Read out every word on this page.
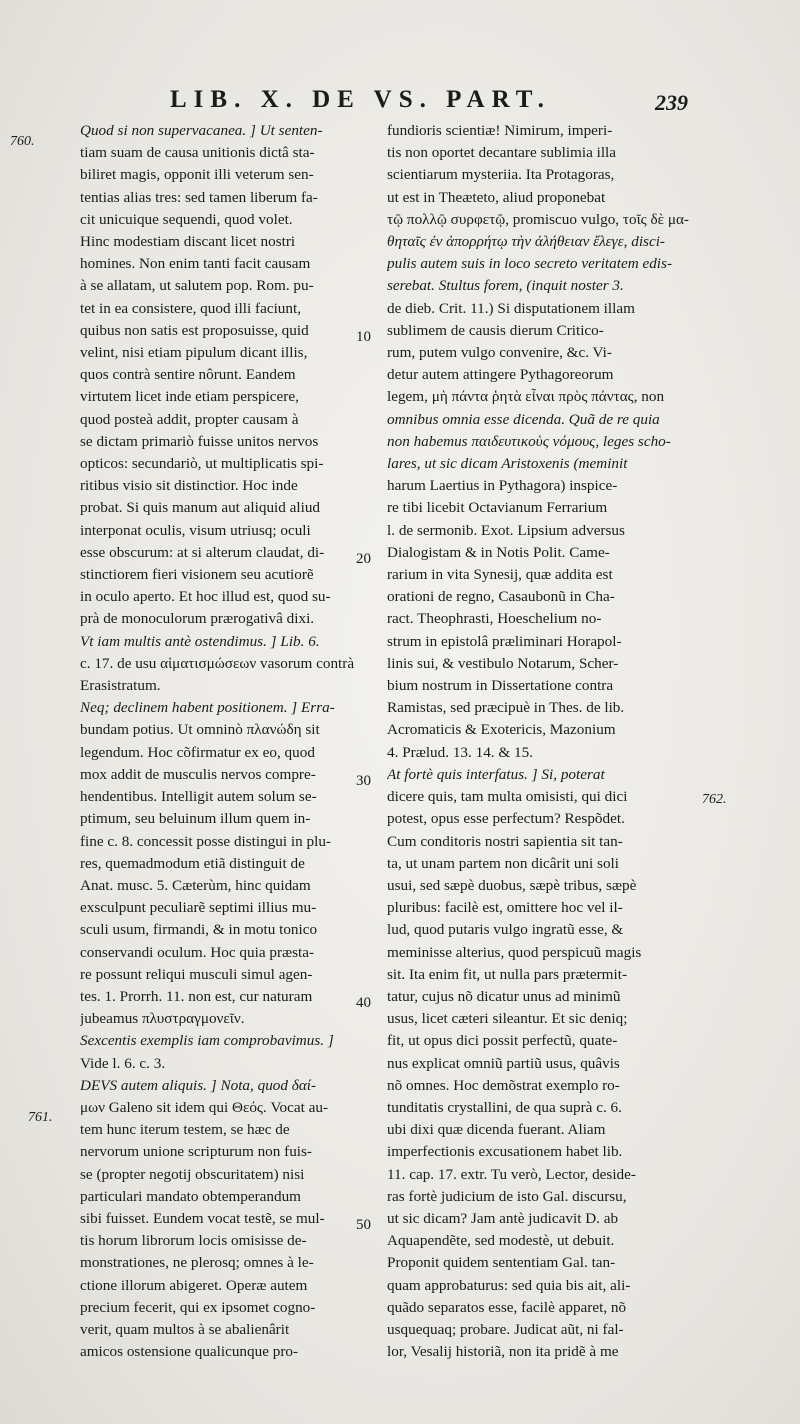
LIB. X. DE VS. PART.	239
760.
761.
762.
10
20
30
40
50
Quod si non supervacanea. ] Ut senten-
tiam suam de causa unitionis dictâ sta-
biliret magis, opponit illi veterum sen-
tentias alias tres: sed tamen liberum fa-
cit unicuique sequendi, quod volet.
Hinc modestiam discant licet nostri
homines. Non enim tanti facit causam
à se allatam, ut salutem pop. Rom. pu-
tet in ea consistere, quod illi faciunt,
quibus non satis est proposuisse, quid
velint, nisi etiam pipulum dicant illis,
quos contrà sentire nôrunt. Eandem
virtutem licet inde etiam perspicere,
quod posteà addit, propter causam à
se dictam primariò fuisse unitos nervos
opticos: secundariò, ut multiplicatis spi-
ritibus visio sit distinctior. Hoc inde
probat. Si quis manum aut aliquid aliud
interponat oculis, visum utriusq; oculi
esse obscurum: at si alterum claudat, di-
stinctiorem fieri visionem seu acutiorẽ
in oculo aperto. Et hoc illud est, quod su-
prà de monoculorum prærogativâ dixi.
Vt iam multis antè ostendimus. ] Lib. 6.
c. 17. de usu αἱματισμώσεων vasorum contrà
Erasistratum.
Neq; declinem habent positionem. ] Erra-
bundam potius. Ut omninò πλανώδη sit
legendum. Hoc cõfirmatur ex eo, quod
mox addit de musculis nervos compre-
hendentibus. Intelligit autem solum se-
ptimum, seu beluinum illum quem in-
fine c. 8. concessit posse distingui in plu-
res, quemadmodum etiã distinguit de
Anat. musc. 5. Cæterùm, hinc quidam
exsculpunt peculiarẽ septimi illius mu-
sculi usum, firmandi, & in motu tonico
conservandi oculum. Hoc quia præsta-
re possunt reliqui musculi simul agen-
tes. 1. Prorrh. 11. non est, cur naturam
jubeamus πλυστραγμονεῖν.
Sexcentis exemplis iam comprobavimus. ]
Vide l. 6. c. 3.
DEVS autem aliquis. ] Nota, quod δαί-
μων Galeno sit idem qui Θεός. Vocat au-
tem hunc iterum testem, se hæc de
nervorum unione scripturum non fuis-
se (propter negotij obscuritatem) nisi
particulari mandato obtemperandum
sibi fuisset. Eundem vocat testẽ, se mul-
tis horum librorum locis omisisse de-
monstrationes, ne plerosq; omnes à le-
ctione illorum abigeret. Operæ autem
precium fecerit, qui ex ipsomet cogno-
verit, quam multos à se abalienârit
amicos ostensione qualicunque pro-
fundioris scientiæ! Nimirum, imperi-
tis non oportet decantare sublimia illa
scientiarum mysteriia. Ita Protagoras,
ut est in Theæteto, aliud proponebat
τῷ πολλῷ συρφετῷ, promiscuo vulgo, τοῖς δὲ μα-
θηταῖς ἐν ἀπορρήτῳ τὴν ἀλήθειαν ἔλεγε, disci-
pulis autem suis in loco secreto veritatem edis-
serebat. Stultus forem, (inquit noster 3.
de dieb. Crit. 11.) Si disputationem illam
sublimem de causis dierum Criticо-
rum, putem vulgo convenire, &c. Vi-
detur autem attingere Pythagoreorum
legem, μὴ πάντα ῥητὰ εἶναι πρὸς πάντας, non
omnibus omnia esse dicenda. Quã de re quia
non habemus παιδευτικοὺς νόμους, leges scho-
lares, ut sic dicam Aristoxenis (meminit
harum Laertius in Pythagora) inspice-
re tibi licebit Octavianum Ferrarium
l. de sermonib. Exot. Lipsium adversus
Dialogistam & in Notis Polit. Came-
rarium in vita Synesij, quæ addita est
orationi de regno, Casaubonũ in Cha-
ract. Theophrasti, Hoeschelium no-
strum in epistolâ præliminari Horapol-
linis sui, & vestibulo Notarum, Scher-
bium nostrum in Dissertatione contra
Ramistas, sed præcipuè in Thes. de lib.
Acromaticis & Exotericis, Mazonium
4. Prælud. 13. 14. & 15.
At fortè quis interfatus. ] Si, poterat
dicere quis, tam multa omisisti, qui dici
potest, opus esse perfectum? Respõdet.
Cum conditoris nostri sapientia sit tan-
ta, ut unam partem non dicârit uni soli
usui, sed sæpè duobus, sæpè tribus, sæpè
pluribus: facilè est, omittere hoc vel il-
lud, quod putaris vulgo ingratũ esse, &
meminisse alterius, quod perspicuũ magis
sit. Ita enim fit, ut nulla pars prætermit-
tatur, cujus nõ dicatur unus ad minimũ
usus, licet cæteri sileantur. Et sic deniq;
fit, ut opus dici possit perfectũ, quate-
nus explicat omniũ partiũ usus, quâvis
nõ omnes. Hoc demõstrat exemplo ro-
tunditatis crystallini, de qua suprà c. 6.
ubi dixi quæ dicenda fuerant. Aliam
imperfectionis excusationem habet lib.
11. cap. 17. extr. Tu verò, Lector, deside-
ras fortè judicium de isto Gal. discursu,
ut sic dicam? Jam antè judicavit D. ab
Aquapendẽte, sed modestè, ut debuit.
Proponit quidem sententiam Gal. tan-
quam approbaturus: sed quia bis ait, ali-
quãdo separatos esse, facilè apparet, nõ
usquequaq; probare. Judicat aũt, ni fal-
lor, Vesalij historiã, non ita pridẽ à me
